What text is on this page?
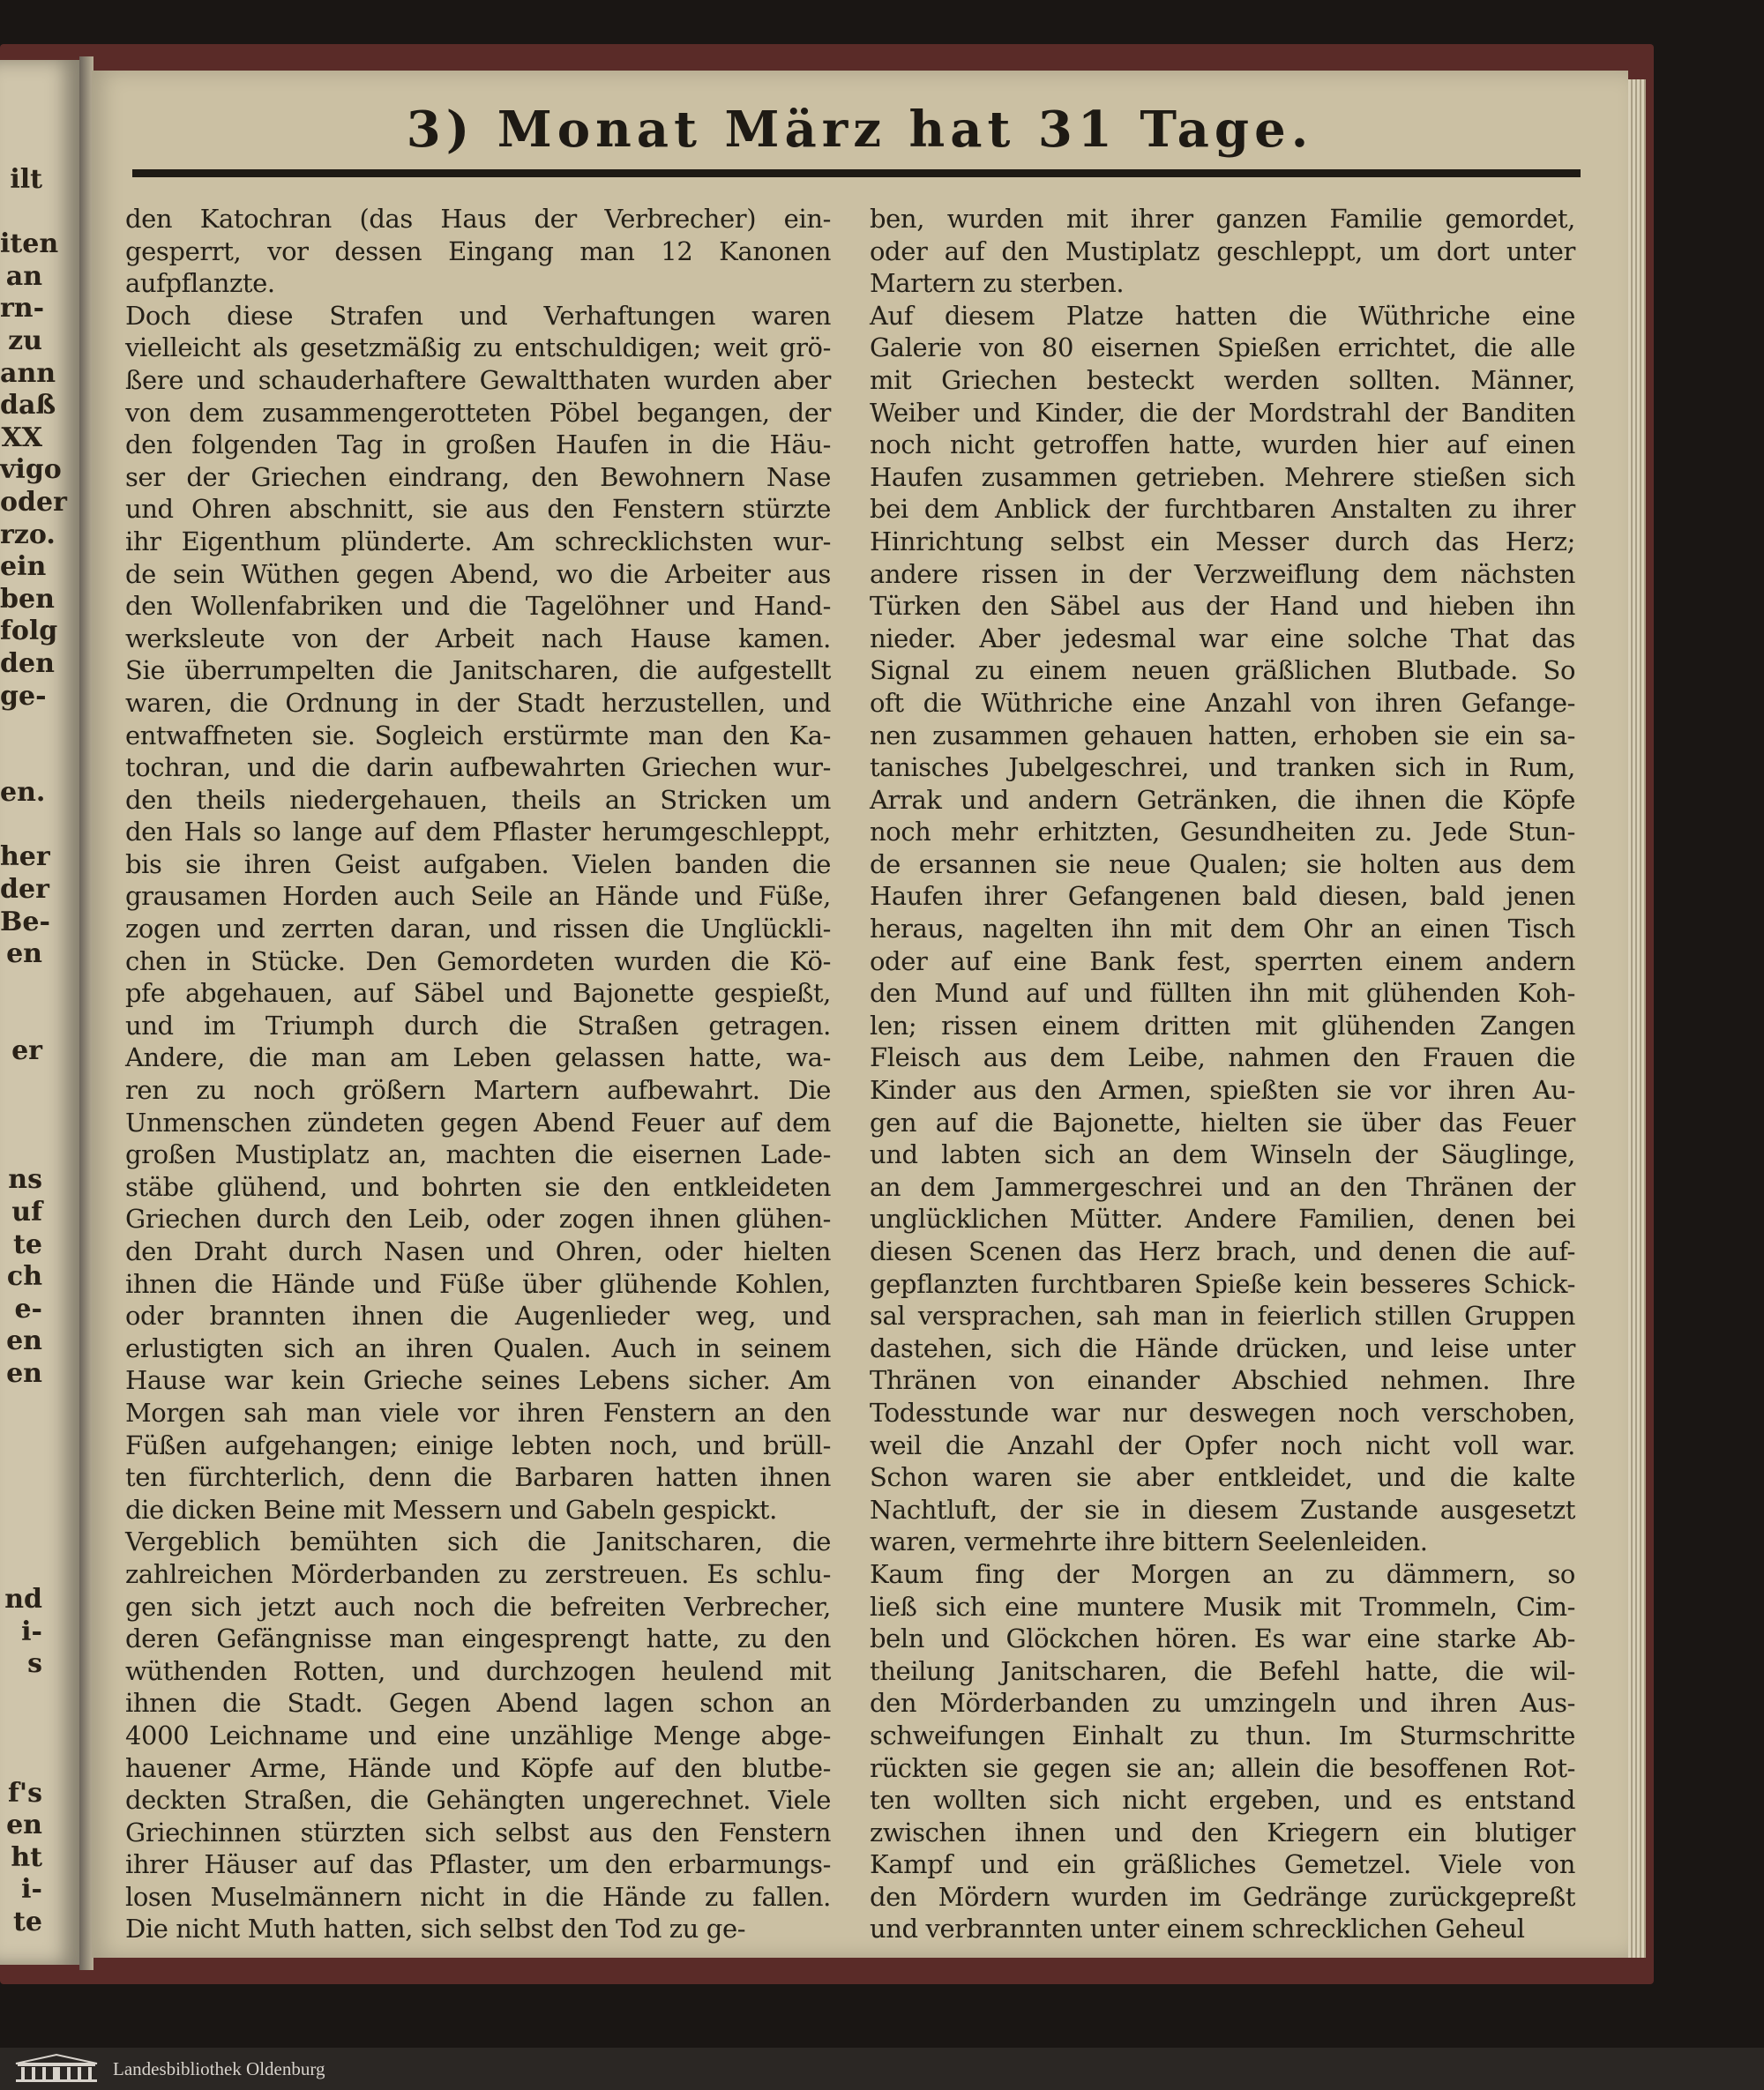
ilt
iten
an
rn-
zu
ann
daß
XX
vigo
oder
rzo.
ein
ben
folg
den
ge-
en.
her
der
Be-
en
er
ns
uf
te
ch
e-
en
en
nd
i-
s
f's
en
ht
i-
te
3) Monat März hat 31 Tage.
den Katochran (das Haus der Verbrecher) ein-
gesperrt, vor dessen Eingang man 12 Kanonen
aufpflanzte.
Doch diese Strafen und Verhaftungen waren
vielleicht als gesetzmäßig zu entschuldigen; weit grö-
ßere und schauderhaftere Gewaltthaten wurden aber
von dem zusammengerotteten Pöbel begangen, der
den folgenden Tag in großen Haufen in die Häu-
ser der Griechen eindrang, den Bewohnern Nase
und Ohren abschnitt, sie aus den Fenstern stürzte
ihr Eigenthum plünderte. Am schrecklichsten wur-
de sein Wüthen gegen Abend, wo die Arbeiter aus
den Wollenfabriken und die Tagelöhner und Hand-
werksleute von der Arbeit nach Hause kamen.
Sie überrumpelten die Janitscharen, die aufgestellt
waren, die Ordnung in der Stadt herzustellen, und
entwaffneten sie. Sogleich erstürmte man den Ka-
tochran, und die darin aufbewahrten Griechen wur-
den theils niedergehauen, theils an Stricken um
den Hals so lange auf dem Pflaster herumgeschleppt,
bis sie ihren Geist aufgaben. Vielen banden die
grausamen Horden auch Seile an Hände und Füße,
zogen und zerrten daran, und rissen die Unglückli-
chen in Stücke. Den Gemordeten wurden die Kö-
pfe abgehauen, auf Säbel und Bajonette gespießt,
und im Triumph durch die Straßen getragen.
Andere, die man am Leben gelassen hatte, wa-
ren zu noch größern Martern aufbewahrt. Die
Unmenschen zündeten gegen Abend Feuer auf dem
großen Mustiplatz an, machten die eisernen Lade-
stäbe glühend, und bohrten sie den entkleideten
Griechen durch den Leib, oder zogen ihnen glühen-
den Draht durch Nasen und Ohren, oder hielten
ihnen die Hände und Füße über glühende Kohlen,
oder brannten ihnen die Augenlieder weg, und
erlustigten sich an ihren Qualen. Auch in seinem
Hause war kein Grieche seines Lebens sicher. Am
Morgen sah man viele vor ihren Fenstern an den
Füßen aufgehangen; einige lebten noch, und brüll-
ten fürchterlich, denn die Barbaren hatten ihnen
die dicken Beine mit Messern und Gabeln gespickt.
Vergeblich bemühten sich die Janitscharen, die
zahlreichen Mörderbanden zu zerstreuen. Es schlu-
gen sich jetzt auch noch die befreiten Verbrecher,
deren Gefängnisse man eingesprengt hatte, zu den
wüthenden Rotten, und durchzogen heulend mit
ihnen die Stadt. Gegen Abend lagen schon an
4000 Leichname und eine unzählige Menge abge-
hauener Arme, Hände und Köpfe auf den blutbe-
deckten Straßen, die Gehängten ungerechnet. Viele
Griechinnen stürzten sich selbst aus den Fenstern
ihrer Häuser auf das Pflaster, um den erbarmungs-
losen Muselmännern nicht in die Hände zu fallen.
Die nicht Muth hatten, sich selbst den Tod zu ge-
ben, wurden mit ihrer ganzen Familie gemordet,
oder auf den Mustiplatz geschleppt, um dort unter
Martern zu sterben.
Auf diesem Platze hatten die Wüthriche eine
Galerie von 80 eisernen Spießen errichtet, die alle
mit Griechen besteckt werden sollten. Männer,
Weiber und Kinder, die der Mordstrahl der Banditen
noch nicht getroffen hatte, wurden hier auf einen
Haufen zusammen getrieben. Mehrere stießen sich
bei dem Anblick der furchtbaren Anstalten zu ihrer
Hinrichtung selbst ein Messer durch das Herz;
andere rissen in der Verzweiflung dem nächsten
Türken den Säbel aus der Hand und hieben ihn
nieder. Aber jedesmal war eine solche That das
Signal zu einem neuen gräßlichen Blutbade. So
oft die Wüthriche eine Anzahl von ihren Gefange-
nen zusammen gehauen hatten, erhoben sie ein sa-
tanisches Jubelgeschrei, und tranken sich in Rum,
Arrak und andern Getränken, die ihnen die Köpfe
noch mehr erhitzten, Gesundheiten zu. Jede Stun-
de ersannen sie neue Qualen; sie holten aus dem
Haufen ihrer Gefangenen bald diesen, bald jenen
heraus, nagelten ihn mit dem Ohr an einen Tisch
oder auf eine Bank fest, sperrten einem andern
den Mund auf und füllten ihn mit glühenden Koh-
len; rissen einem dritten mit glühenden Zangen
Fleisch aus dem Leibe, nahmen den Frauen die
Kinder aus den Armen, spießten sie vor ihren Au-
gen auf die Bajonette, hielten sie über das Feuer
und labten sich an dem Winseln der Säuglinge,
an dem Jammergeschrei und an den Thränen der
unglücklichen Mütter. Andere Familien, denen bei
diesen Scenen das Herz brach, und denen die auf-
gepflanzten furchtbaren Spieße kein besseres Schick-
sal versprachen, sah man in feierlich stillen Gruppen
dastehen, sich die Hände drücken, und leise unter
Thränen von einander Abschied nehmen. Ihre
Todesstunde war nur deswegen noch verschoben,
weil die Anzahl der Opfer noch nicht voll war.
Schon waren sie aber entkleidet, und die kalte
Nachtluft, der sie in diesem Zustande ausgesetzt
waren, vermehrte ihre bittern Seelenleiden.
Kaum fing der Morgen an zu dämmern, so
ließ sich eine muntere Musik mit Trommeln, Cim-
beln und Glöckchen hören. Es war eine starke Ab-
theilung Janitscharen, die Befehl hatte, die wil-
den Mörderbanden zu umzingeln und ihren Aus-
schweifungen Einhalt zu thun. Im Sturmschritte
rückten sie gegen sie an; allein die besoffenen Rot-
ten wollten sich nicht ergeben, und es entstand
zwischen ihnen und den Kriegern ein blutiger
Kampf und ein gräßliches Gemetzel. Viele von
den Mördern wurden im Gedränge zurückgepreßt
und verbrannten unter einem schrecklichen Geheul
Landesbibliothek Oldenburg
